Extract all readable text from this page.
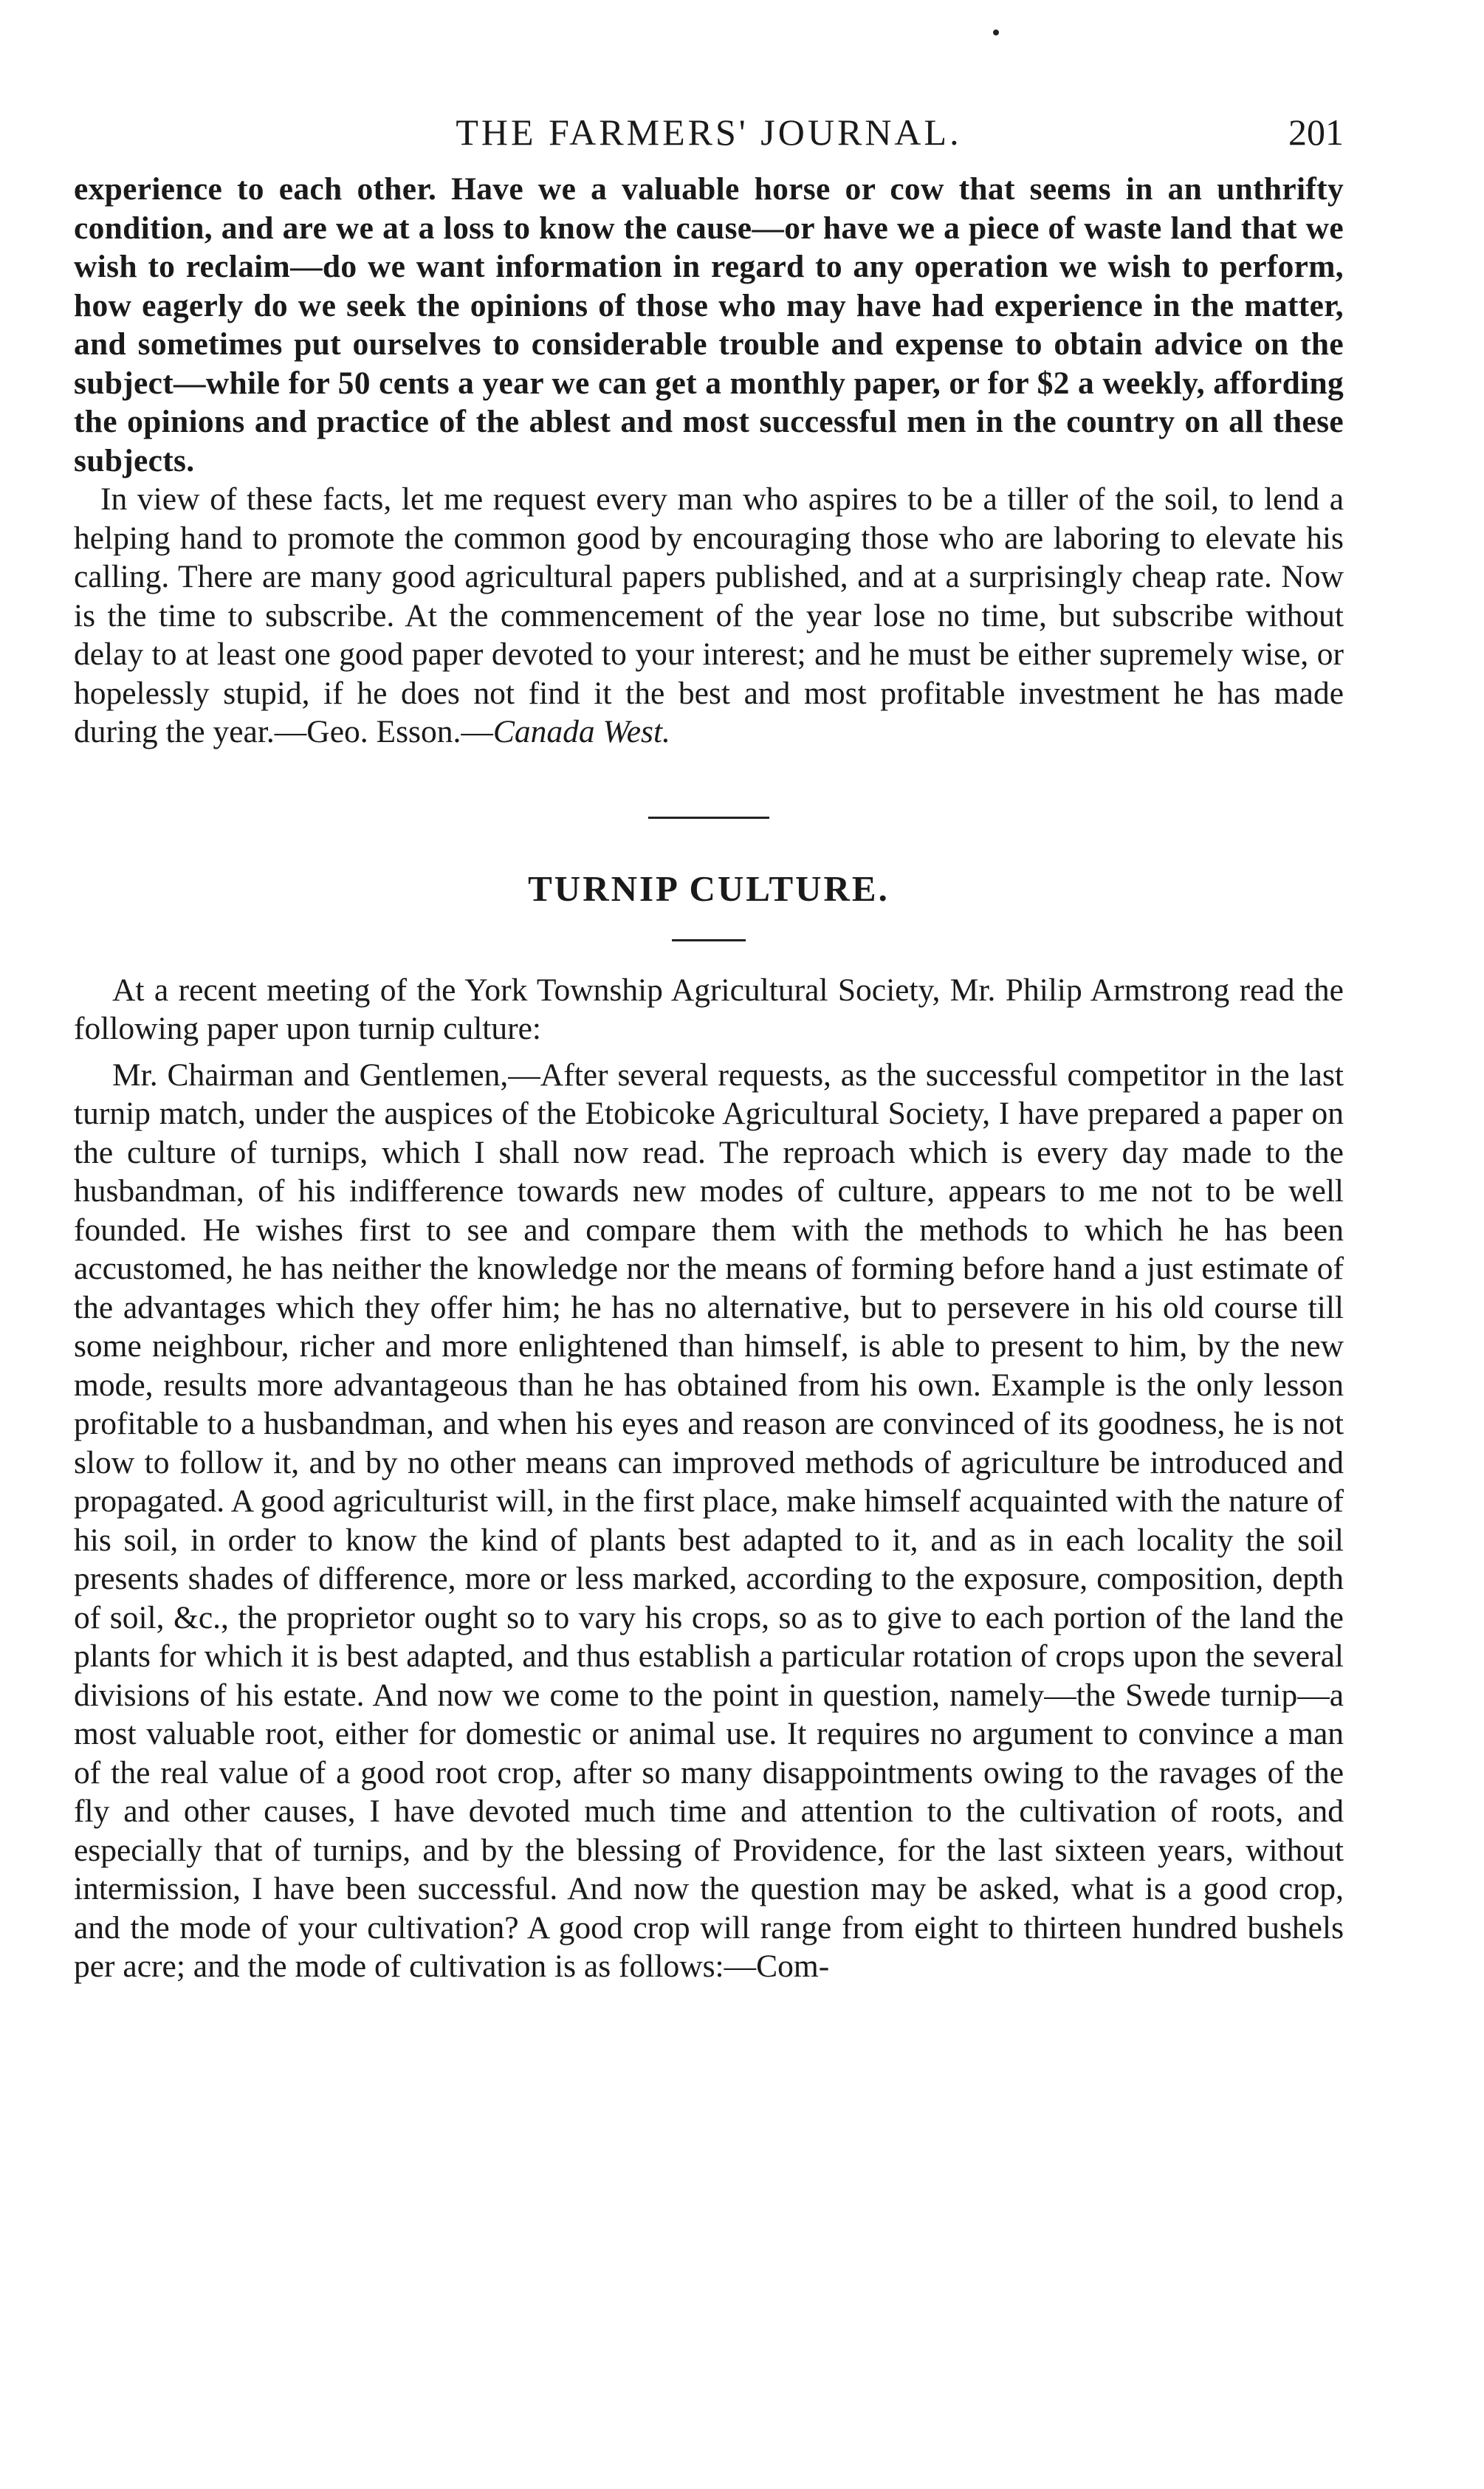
THE FARMERS' JOURNAL.	201

experience to each other. Have we a valuable horse or cow that seems in an unthrifty condition, and are we at a loss to know the cause—or have we a piece of waste land that we wish to reclaim—do we want information in regard to any operation we wish to perform, how eagerly do we seek the opinions of those who may have had experience in the matter, and sometimes put ourselves to considerable trouble and expense to obtain advice on the subject—while for 50 cents a year we can get a monthly paper, or for $2 a weekly, affording the opinions and practice of the ablest and most successful men in the country on all these subjects.

In view of these facts, let me request every man who aspires to be a tiller of the soil, to lend a helping hand to promote the common good by encouraging those who are laboring to elevate his calling. There are many good agricultural papers published, and at a surprisingly cheap rate. Now is the time to subscribe. At the commencement of the year lose no time, but subscribe without delay to at least one good paper devoted to your interest; and he must be either supremely wise, or hopelessly stupid, if he does not find it the best and most profitable investment he has made during the year.—Geo. Esson.—Canada West.

TURNIP CULTURE.

At a recent meeting of the York Township Agricultural Society, Mr. Philip Armstrong read the following paper upon turnip culture:

Mr. Chairman and Gentlemen,—After several requests, as the successful competitor in the last turnip match, under the auspices of the Etobicoke Agricultural Society, I have prepared a paper on the culture of turnips, which I shall now read. The reproach which is every day made to the husbandman, of his indifference towards new modes of culture, appears to me not to be well founded. He wishes first to see and compare them with the methods to which he has been accustomed, he has neither the knowledge nor the means of forming before hand a just estimate of the advantages which they offer him; he has no alternative, but to persevere in his old course till some neighbour, richer and more enlightened than himself, is able to present to him, by the new mode, results more advantageous than he has obtained from his own. Example is the only lesson profitable to a husbandman, and when his eyes and reason are convinced of its goodness, he is not slow to follow it, and by no other means can improved methods of agriculture be introduced and propagated. A good agriculturist will, in the first place, make himself acquainted with the nature of his soil, in order to know the kind of plants best adapted to it, and as in each locality the soil presents shades of difference, more or less marked, according to the exposure, composition, depth of soil, &c., the proprietor ought so to vary his crops, so as to give to each portion of the land the plants for which it is best adapted, and thus establish a particular rotation of crops upon the several divisions of his estate. And now we come to the point in question, namely—the Swede turnip—a most valuable root, either for domestic or animal use. It requires no argument to convince a man of the real value of a good root crop, after so many disappointments owing to the ravages of the fly and other causes, I have devoted much time and attention to the cultivation of roots, and especially that of turnips, and by the blessing of Providence, for the last sixteen years, without intermission, I have been successful. And now the question may be asked, what is a good crop, and the mode of your cultivation? A good crop will range from eight to thirteen hundred bushels per acre; and the mode of cultivation is as follows:—Com-
